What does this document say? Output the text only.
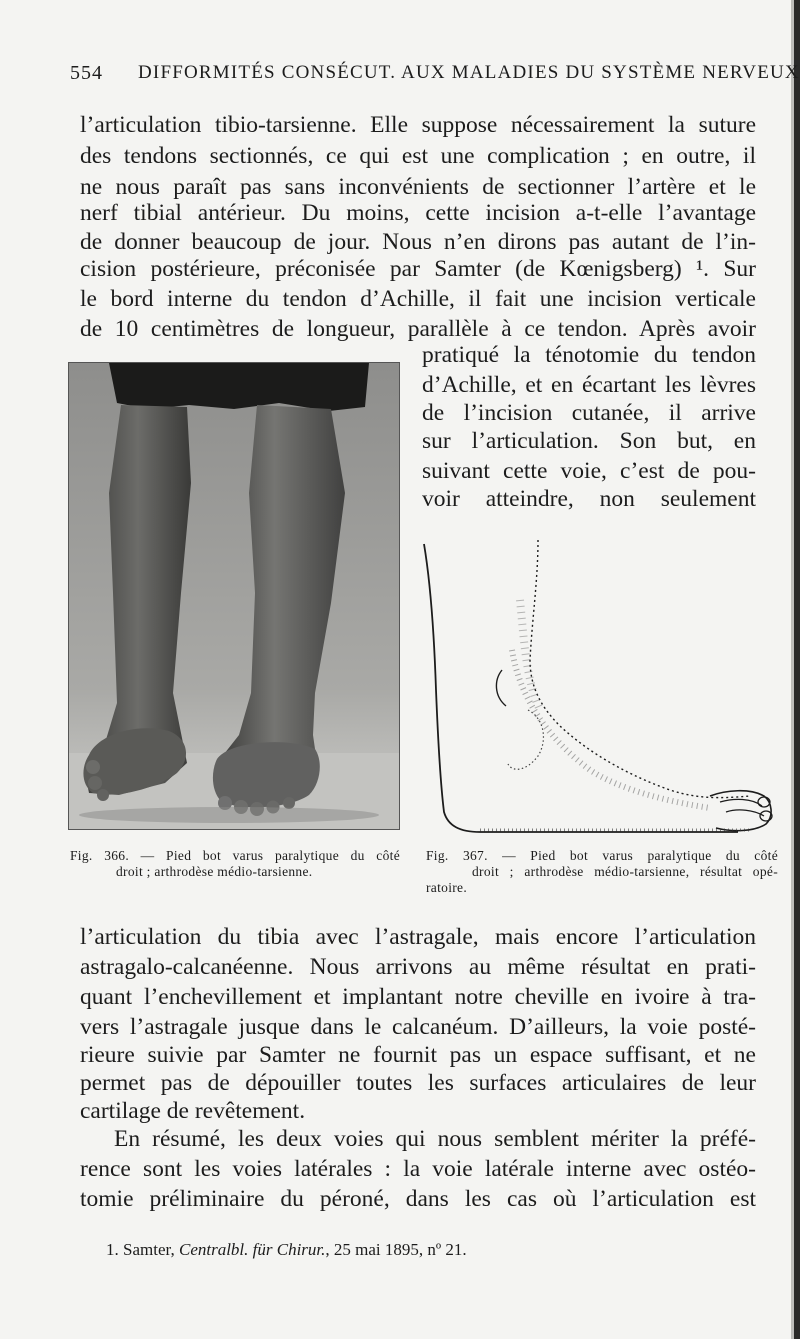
554 DIFFORMITÉS CONSÉCUT. AUX MALADIES DU SYSTÈME NERVEUX
l’articulation tibio-tarsienne. Elle suppose nécessairement la suture
des tendons sectionnés, ce qui est une complication ; en outre, il
ne nous paraît pas sans inconvénients de sectionner l’artère et le
nerf tibial antérieur. Du moins, cette incision a-t-elle l’avantage
de donner beaucoup de jour. Nous n’en dirons pas autant de l’in-
cision postérieure, préconisée par Samter (de Kœnigsberg) ¹. Sur
le bord interne du tendon d’Achille, il fait une incision verticale
de 10 centimètres de longueur, parallèle à ce tendon. Après avoir
pratiqué la ténotomie du tendon
d’Achille, et en écartant les lèvres
de l’incision cutanée, il arrive
sur l’articulation. Son but, en
suivant cette voie, c’est de pou-
voir atteindre, non seulement
Fig. 366. — Pied bot varus paralytique du côté
droit ; arthrodèse médio-tarsienne.
Fig. 367. — Pied bot varus paralytique du côté
droit ; arthrodèse médio-tarsienne, résultat opé-
ratoire.
l’articulation du tibia avec l’astragale, mais encore l’articulation
astragalo-calcanéenne. Nous arrivons au même résultat en prati-
quant l’enchevillement et implantant notre cheville en ivoire à tra-
vers l’astragale jusque dans le calcanéum. D’ailleurs, la voie posté-
rieure suivie par Samter ne fournit pas un espace suffisant, et ne
permet pas de dépouiller toutes les surfaces articulaires de leur
cartilage de revêtement.
En résumé, les deux voies qui nous semblent mériter la préfé-
rence sont les voies latérales : la voie latérale interne avec ostéo-
tomie préliminaire du péroné, dans les cas où l’articulation est
1. Samter, Centralbl. für Chirur., 25 mai 1895, nº 21.
